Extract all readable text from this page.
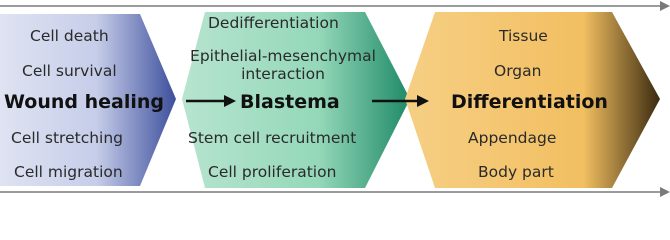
Cell death
Cell survival
Wound healing
Cell stretching
Cell migration
Dedifferentiation
Epithelial-mesenchymal interaction
Blastema
Stem cell recruitment
Cell proliferation
Tissue
Organ
Differentiation
Appendage
Body part
